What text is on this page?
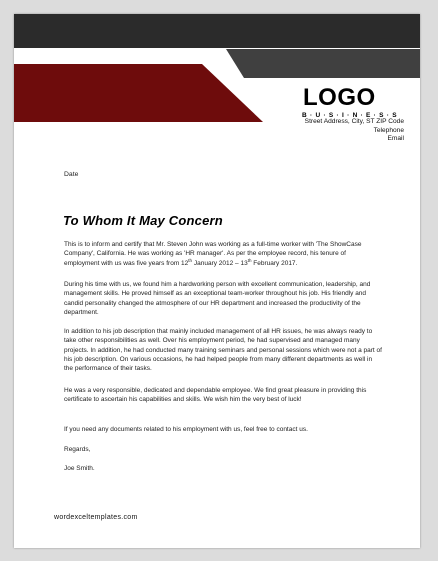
LOGO
B·U·S·I·N·E·S·S
Street Address, City, ST ZIP Code
Telephone
Email
Date
To Whom It May Concern
This is to inform and certify that Mr. Steven John was working as a full-time worker with 'The ShowCase Company', California. He was working as 'HR manager'. As per the employee record, his tenure of employment with us was five years from 12th January 2012 – 13th February 2017.
During his time with us, we found him a hardworking person with excellent communication, leadership, and management skills. He proved himself as an exceptional team-worker throughout his job. His friendly and candid personality changed the atmosphere of our HR department and increased the productivity of the department.
In addition to his job description that mainly included management of all HR issues, he was always ready to take other responsibilities as well. Over his employment period, he had supervised and managed many projects. In addition, he had conducted many training seminars and personal sessions which were not a part of his job description. On various occasions, he had helped people from many different departments as well in the performance of their tasks.
He was a very responsible, dedicated and dependable employee. We find great pleasure in providing this certificate to ascertain his capabilities and skills. We wish him the very best of luck!
If you need any documents related to his employment with us, feel free to contact us.
Regards,
Joe Smith.
wordexceltemplates.com
